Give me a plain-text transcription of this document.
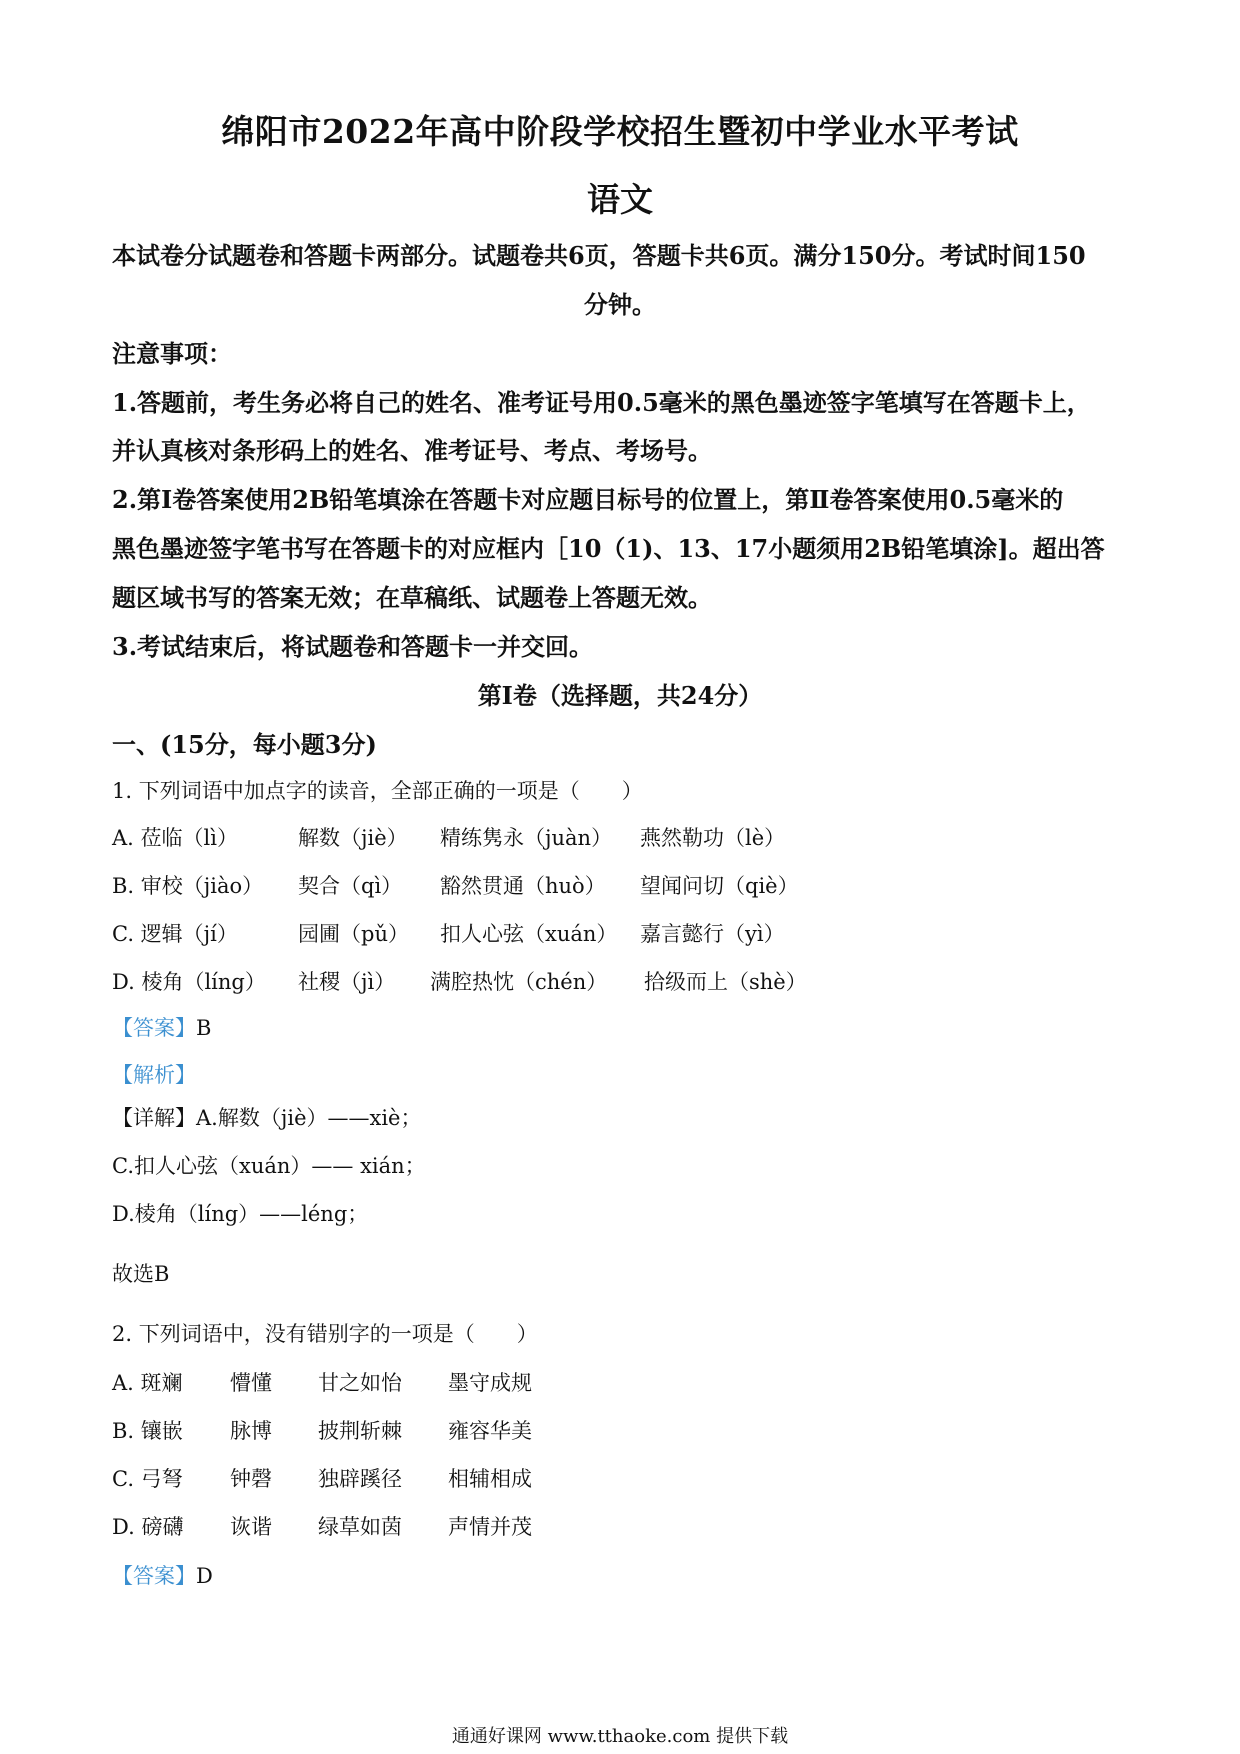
绵阳市2022年高中阶段学校招生暨初中学业水平考试
语文
本试卷分试题卷和答题卡两部分。试题卷共6页，答题卡共6页。满分150分。考试时间150
分钟。
注意事项：
1.答题前，考生务必将自己的姓名、准考证号用0.5毫米的黑色墨迹签字笔填写在答题卡上，
并认真核对条形码上的姓名、准考证号、考点、考场号。
2.第Ⅰ卷答案使用2B铅笔填涂在答题卡对应题目标号的位置上，第Ⅱ卷答案使用0.5毫米的
黑色墨迹签字笔书写在答题卡的对应框内［10（1)、13、17小题须用2B铅笔填涂]。超出答
题区域书写的答案无效；在草稿纸、试题卷上答题无效。
3.考试结束后，将试题卷和答题卡一并交回。
第Ⅰ卷（选择题，共24分）
一、(15分，每小题3分)
1. 下列词语中加点字的读音，全部正确的一项是（　　）
A. 莅临（lì）	解数（jiè） 精练隽永（juàn） 燕然勒功（lè）
B. 审校（jiào） 契合（qì） 豁然贯通（huò） 望闻问切（qiè）
C. 逻辑（jí）	园圃（pǔ） 扣人心弦（xuán） 嘉言懿行（yì）
D. 棱角（líng） 社稷（jì） 满腔热忱（chén） 拾级而上（shè）
【答案】B
【解析】
【详解】A.解数（jiè）——xiè；
C.扣人心弦（xuán）—— xián；
D.棱角（líng）——léng；
故选B
2. 下列词语中，没有错别字的一项是（　　）
A. 斑斓 懵懂 甘之如怡 墨守成规
B. 镶嵌 脉博 披荆斩棘 雍容华美
C. 弓弩 钟磬 独辟蹊径 相辅相成
D. 磅礴 诙谐 绿草如茵 声情并茂
【答案】D
通通好课网 www.tthaoke.com 提供下载
